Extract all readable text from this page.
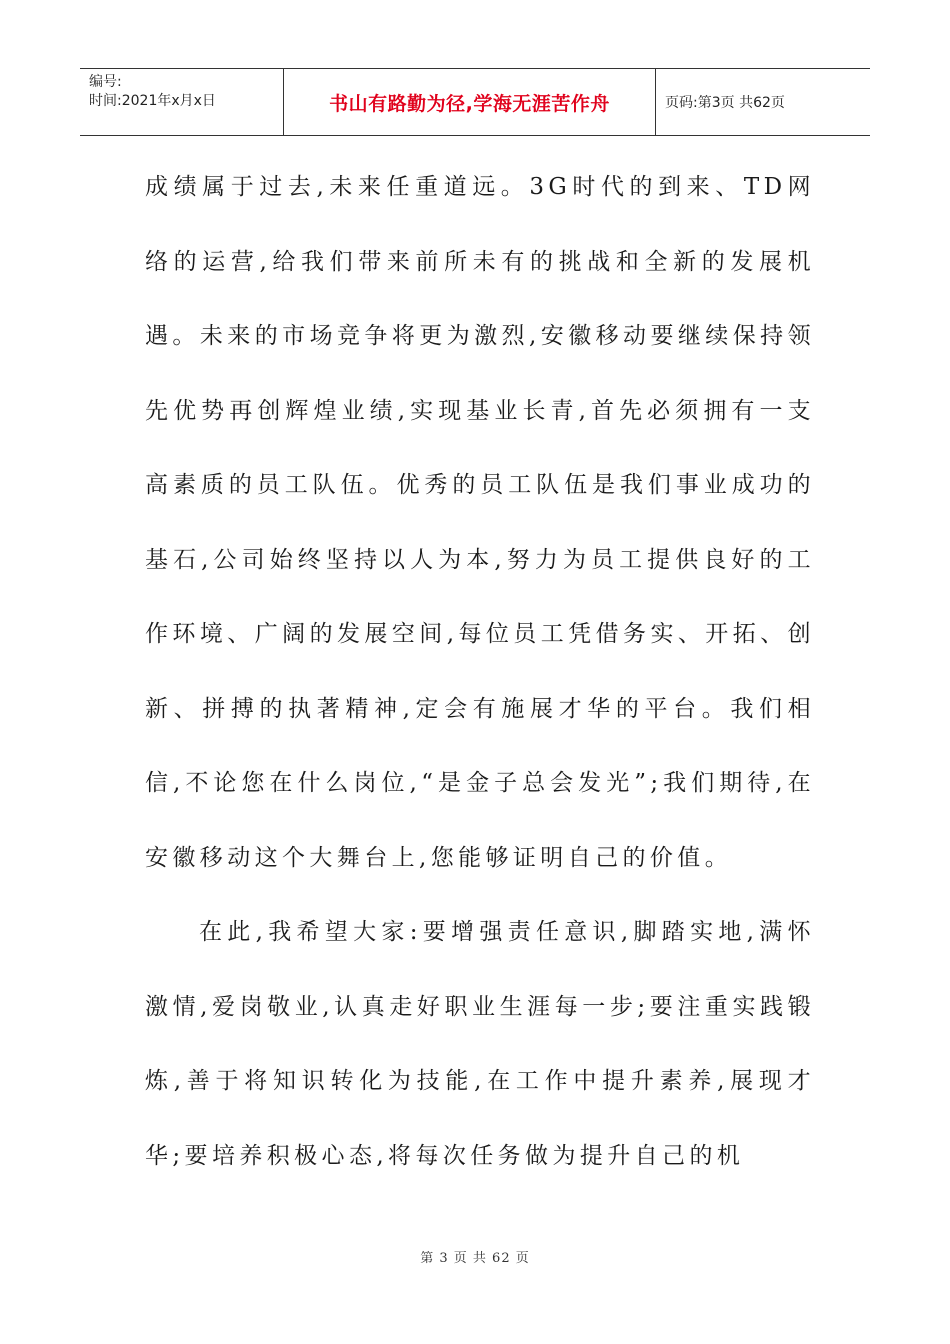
编号:
时间:2021年x月x日	书山有路勤为径,学海无涯苦作舟	页码:第3页 共62页

成绩属于过去,未来任重道远。3G时代的到来、TD网络的运营,给我们带来前所未有的挑战和全新的发展机遇。未来的市场竞争将更为激烈,安徽移动要继续保持领先优势再创辉煌业绩,实现基业长青,首先必须拥有一支高素质的员工队伍。优秀的员工队伍是我们事业成功的基石,公司始终坚持以人为本,努力为员工提供良好的工作环境、广阔的发展空间,每位员工凭借务实、开拓、创新、拼搏的执著精神,定会有施展才华的平台。我们相信,不论您在什么岗位,“是金子总会发光”;我们期待,在安徽移动这个大舞台上,您能够证明自己的价值。

在此,我希望大家:要增强责任意识,脚踏实地,满怀激情,爱岗敬业,认真走好职业生涯每一步;要注重实践锻炼,善于将知识转化为技能,在工作中提升素养,展现才华;要培养积极心态,将每次任务做为提升自己的机

第 3 页 共 62 页
